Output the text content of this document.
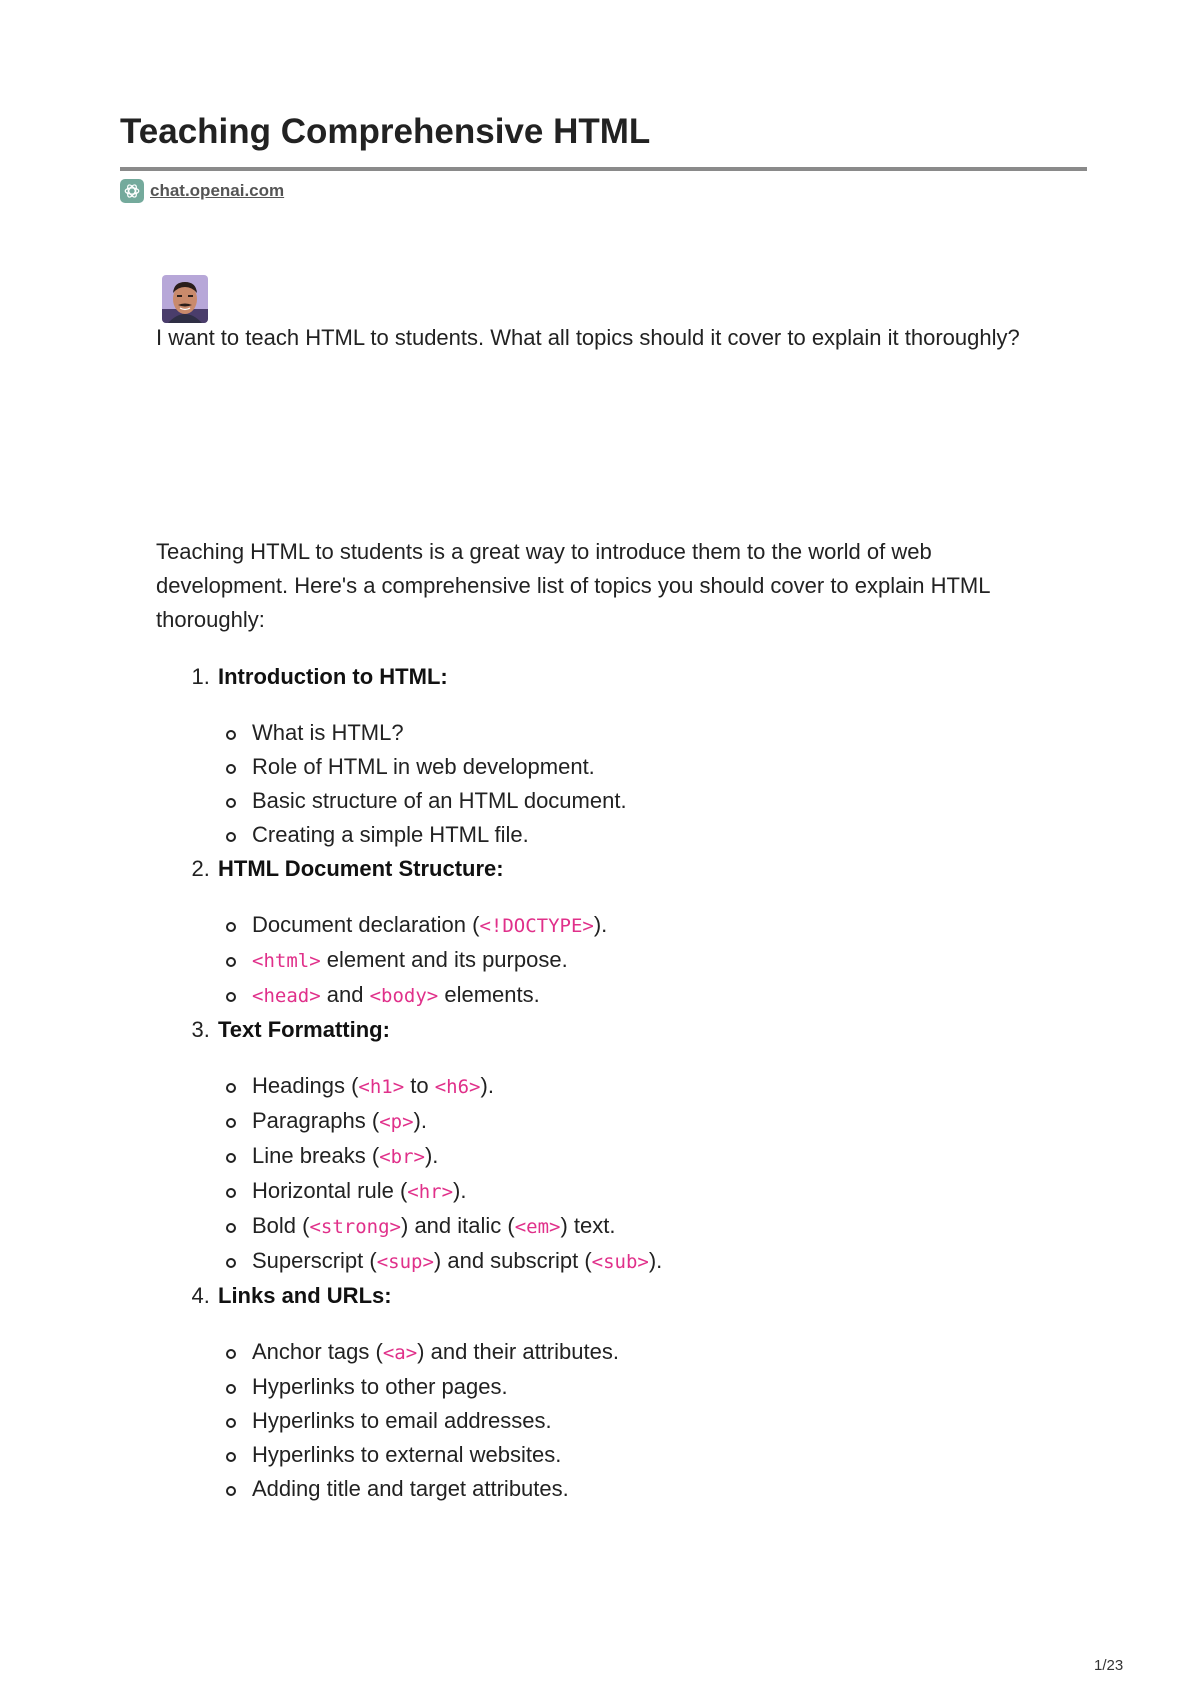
Teaching Comprehensive HTML
chat.openai.com

I want to teach HTML to students. What all topics should it cover to explain it thoroughly?

Teaching HTML to students is a great way to introduce them to the world of web development. Here's a comprehensive list of topics you should cover to explain HTML thoroughly:

1. Introduction to HTML:
What is HTML?
Role of HTML in web development.
Basic structure of an HTML document.
Creating a simple HTML file.
2. HTML Document Structure:
Document declaration (<!DOCTYPE>).
<html> element and its purpose.
<head> and <body> elements.
3. Text Formatting:
Headings (<h1> to <h6>).
Paragraphs (<p>).
Line breaks (<br>).
Horizontal rule (<hr>).
Bold (<strong>) and italic (<em>) text.
Superscript (<sup>) and subscript (<sub>).
4. Links and URLs:
Anchor tags (<a>) and their attributes.
Hyperlinks to other pages.
Hyperlinks to email addresses.
Hyperlinks to external websites.
Adding title and target attributes.
1/23
